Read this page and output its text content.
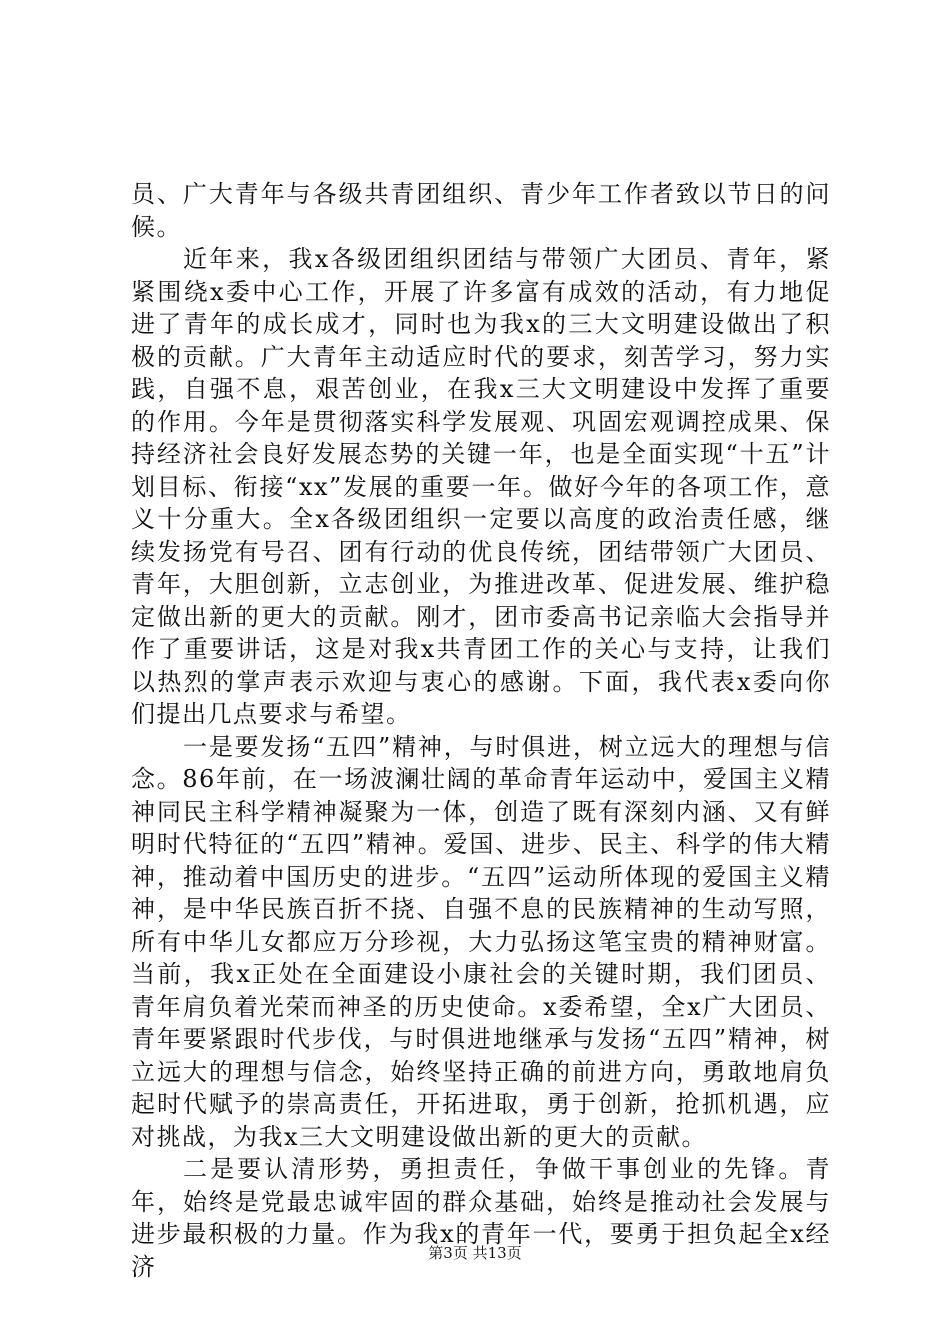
员、广大青年与各级共青团组织、青少年工作者致以节日的问候。

近年来，我x各级团组织团结与带领广大团员、青年，紧紧围绕x委中心工作，开展了许多富有成效的活动，有力地促进了青年的成长成才，同时也为我x的三大文明建设做出了积极的贡献。广大青年主动适应时代的要求，刻苦学习，努力实践，自强不息，艰苦创业，在我x三大文明建设中发挥了重要的作用。今年是贯彻落实科学发展观、巩固宏观调控成果、保持经济社会良好发展态势的关键一年，也是全面实现“十五”计划目标、衔接“xx”发展的重要一年。做好今年的各项工作，意义十分重大。全x各级团组织一定要以高度的政治责任感，继续发扬党有号召、团有行动的优良传统，团结带领广大团员、青年，大胆创新，立志创业，为推进改革、促进发展、维护稳定做出新的更大的贡献。刚才，团市委高书记亲临大会指导并作了重要讲话，这是对我x共青团工作的关心与支持，让我们以热烈的掌声表示欢迎与衷心的感谢。下面，我代表x委向你们提出几点要求与希望。

一是要发扬“五四”精神，与时俱进，树立远大的理想与信念。86年前，在一场波澜壮阔的革命青年运动中，爱国主义精神同民主科学精神凝聚为一体，创造了既有深刻内涵、又有鲜明时代特征的“五四”精神。爱国、进步、民主、科学的伟大精神，推动着中国历史的进步。“五四”运动所体现的爱国主义精神，是中华民族百折不挠、自强不息的民族精神的生动写照，所有中华儿女都应万分珍视，大力弘扬这笔宝贵的精神财富。当前，我x正处在全面建设小康社会的关键时期，我们团员、青年肩负着光荣而神圣的历史使命。x委希望，全x广大团员、青年要紧跟时代步伐，与时俱进地继承与发扬“五四”精神，树立远大的理想与信念，始终坚持正确的前进方向，勇敢地肩负起时代赋予的崇高责任，开拓进取，勇于创新，抢抓机遇，应对挑战，为我x三大文明建设做出新的更大的贡献。

二是要认清形势，勇担责任，争做干事创业的先锋。青年，始终是党最忠诚牢固的群众基础，始终是推动社会发展与进步最积极的力量。作为我x的青年一代，要勇于担负起全x经济	第3页 共13页
